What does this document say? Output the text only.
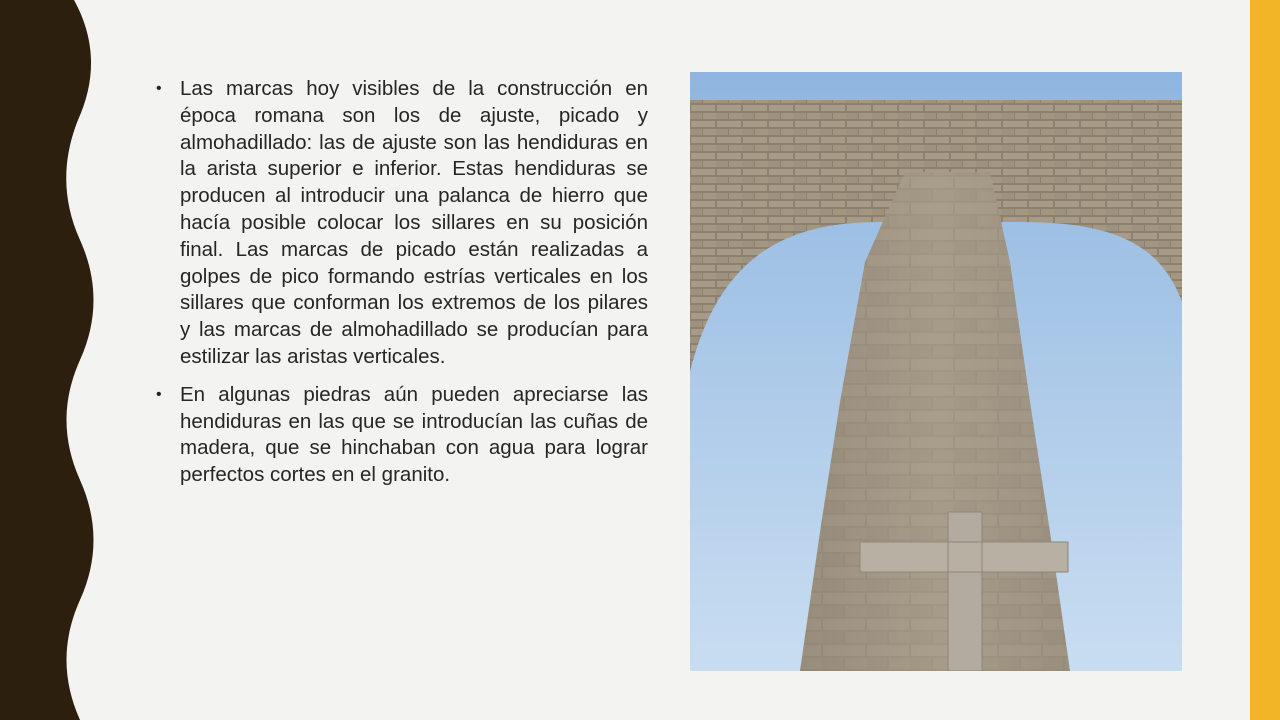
• Las marcas hoy visibles de la construcción en época romana son los de ajuste, picado y almohadillado: las de ajuste son las hendiduras en la arista superior e inferior. Estas hendiduras se producen al introducir una palanca de hierro que hacía posible colocar los sillares en su posición final. Las marcas de picado están realizadas a golpes de pico formando estrías verticales en los sillares que conforman los extremos de los pilares y las marcas de almohadillado se producían para estilizar las aristas verticales.
• En algunas piedras aún pueden apreciarse las hendiduras en las que se introducían las cuñas de madera, que se hinchaban con agua para lograr perfectos cortes en el granito.
